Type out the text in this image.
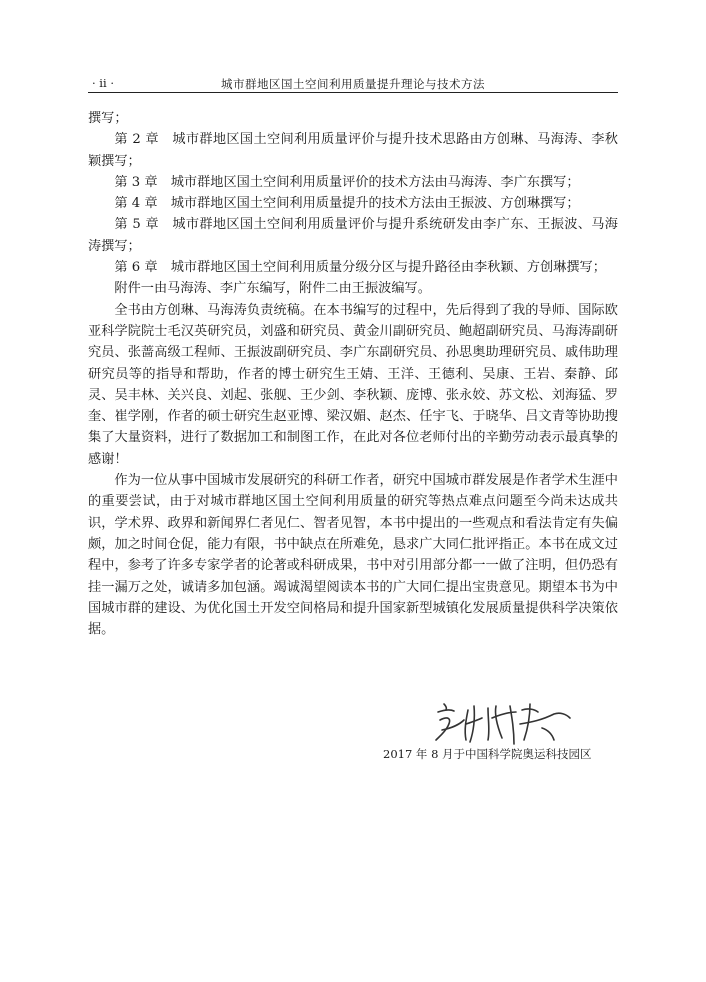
· ii ·	城市群地区国土空间利用质量提升理论与技术方法

撰写；

第 2 章　城市群地区国土空间利用质量评价与提升技术思路由方创琳、马海涛、李秋颖撰写；

第 3 章　城市群地区国土空间利用质量评价的技术方法由马海涛、李广东撰写；

第 4 章　城市群地区国土空间利用质量提升的技术方法由王振波、方创琳撰写；

第 5 章　城市群地区国土空间利用质量评价与提升系统研发由李广东、王振波、马海涛撰写；

第 6 章　城市群地区国土空间利用质量分级分区与提升路径由李秋颖、方创琳撰写；

附件一由马海涛、李广东编写，附件二由王振波编写。

全书由方创琳、马海涛负责统稿。在本书编写的过程中，先后得到了我的导师、国际欧亚科学院院士毛汉英研究员，刘盛和研究员、黄金川副研究员、鲍超副研究员、马海涛副研究员、张蔷高级工程师、王振波副研究员、李广东副研究员、孙思奥助理研究员、戚伟助理研究员等的指导和帮助，作者的博士研究生王婧、王洋、王德利、吴康、王岩、秦静、邱灵、吴丰林、关兴良、刘起、张舰、王少剑、李秋颖、庞博、张永姣、苏文松、刘海猛、罗奎、崔学刚，作者的硕士研究生赵亚博、梁汉媚、赵杰、任宇飞、于晓华、吕文青等协助搜集了大量资料，进行了数据加工和制图工作，在此对各位老师付出的辛勤劳动表示最真挚的感谢！

作为一位从事中国城市发展研究的科研工作者，研究中国城市群发展是作者学术生涯中的重要尝试，由于对城市群地区国土空间利用质量的研究等热点难点问题至今尚未达成共识，学术界、政界和新闻界仁者见仁、智者见智，本书中提出的一些观点和看法肯定有失偏颇，加之时间仓促，能力有限，书中缺点在所难免，恳求广大同仁批评指正。本书在成文过程中，参考了许多专家学者的论著或科研成果，书中对引用部分都一一做了注明，但仍恐有挂一漏万之处，诚请多加包涵。竭诚渴望阅读本书的广大同仁提出宝贵意见。期望本书为中国城市群的建设、为优化国土开发空间格局和提升国家新型城镇化发展质量提供科学决策依据。

2017 年 8 月于中国科学院奥运科技园区
